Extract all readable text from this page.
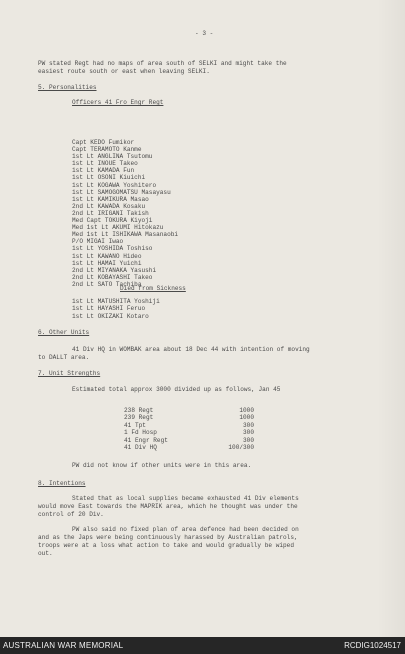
- 3 -
PW stated Regt had no maps of area south of SELKI and might take the
easiest route south or east when leaving SELKI.
5. Personalities
Officers 41 Fro Engr Regt
Capt KEDO Fumikor
Capt TERAMOTO Kanme
1st Lt ANGLINA Tsutomu
1st Lt INOUE Takeo
1st Lt KAMADA Fun
1st Lt OSONI Kiuichi
1st Lt KOGAWA Yoshitero
1st Lt SAMOGOMATSU Masayasu
1st Lt KAMIKURA Masao
2nd Lt KAWADA Kosaku
2nd Lt IRIGANI Takish
Med Capt TOKURA Kiyoji
Med 1st Lt AKUMI Hitokazu
Med 1st Lt ISHIKAWA Masanaobi
P/O MIGAI Iwao
1st Lt YOSHIDA Toshiso
1st Lt KAWANO Hideo
1st Lt HAMAI Yuichi
2nd Lt MIYANAKA Yasushi
2nd Lt KOBAYASHI Takeo
2nd Lt SATO Tachiba
Died from Sickness
1st Lt MATUSHITA Yoshiji
1st Lt HAYASHI Feruo
1st Lt OKIZAKI Kotaro
6. Other Units
41 Div HQ in WOMBAK area about 18 Dec 44 with intention of moving
to DALLT area.
7. Unit Strengths
Estimated total approx 3000 divided up as follows, Jan 45
238 Regt	1000
239 Regt	1000
41 Tpt	300
1 Fd Hosp	300
41 Engr Regt	300
41 Div HQ	100/300
PW did not know if other units were in this area.
8. Intentions
Stated that as local supplies became exhausted 41 Div elements
would move East towards the MAPRIK area, which he thought was under the
control of 20 Div.
PW also said no fixed plan of area defence had been decided on
and as the Japs were being continuously harassed by Australian patrols,
troops were at a loss what action to take and would gradually be wiped
out.
AUSTRALIAN WAR MEMORIAL	RCDIG1024517
